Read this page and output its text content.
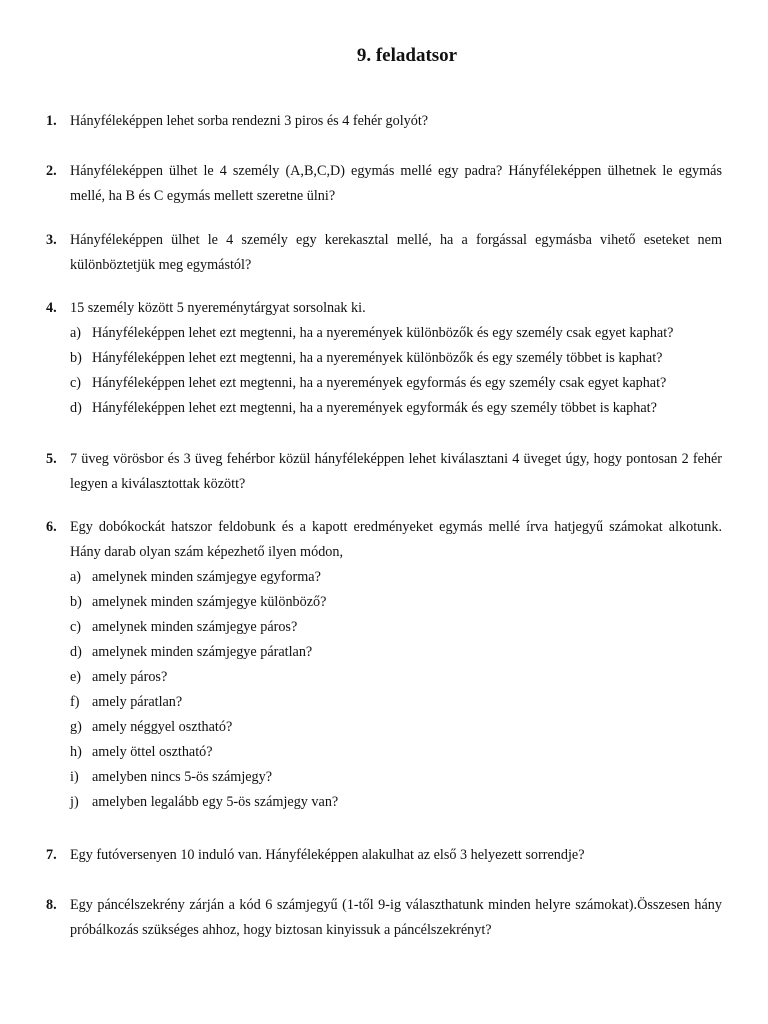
9. feladatsor
1. Hányféleképpen lehet sorba rendezni 3 piros és 4 fehér golyót?
2. Hányféleképpen ülhet le 4 személy (A,B,C,D) egymás mellé egy padra? Hányféleképpen ülhetnek le egymás mellé, ha B és C egymás mellett szeretne ülni?
3. Hányféleképpen ülhet le 4 személy egy kerekasztal mellé, ha a forgással egymásba vihető eseteket nem különböztetjük meg egymástól?
4. 15 személy között 5 nyereménytárgyat sorsolnak ki.
a) Hányféleképpen lehet ezt megtenni, ha a nyeremények különbözők és egy személy csak egyet kaphat?
b) Hányféleképpen lehet ezt megtenni, ha a nyeremények különbözők és egy személy többet is kaphat?
c) Hányféleképpen lehet ezt megtenni, ha a nyeremények egyformás és egy személy csak egyet kaphat?
d) Hányféleképpen lehet ezt megtenni, ha a nyeremények egyformák és egy személy többet is kaphat?
5. 7 üveg vörösbor és 3 üveg fehérbor közül hányféleképpen lehet kiválasztani 4 üveget úgy, hogy pontosan 2 fehér legyen a kiválasztottak között?
6. Egy dobókockát hatszor feldobunk és a kapott eredményeket egymás mellé írva hatjegyű számokat alkotunk. Hány darab olyan szám képezhető ilyen módon,
a) amelynek minden számjegye egyforma?
b) amelynek minden számjegye különböző?
c) amelynek minden számjegye páros?
d) amelynek minden számjegye páratlan?
e) amely páros?
f) amely páratlan?
g) amely néggyel osztható?
h) amely öttel osztható?
i) amelyben nincs 5-ös számjegy?
j) amelyben legalább egy 5-ös számjegy van?
7. Egy futóversenyen 10 induló van. Hányféleképpen alakulhat az első 3 helyezett sorrendje?
8. Egy páncélszekrény zárján a kód 6 számjegyű (1-től 9-ig választhatunk minden helyre számokat).Összesen hány próbálkozás szükséges ahhoz, hogy biztosan kinyissuk a páncélszekrényt?
